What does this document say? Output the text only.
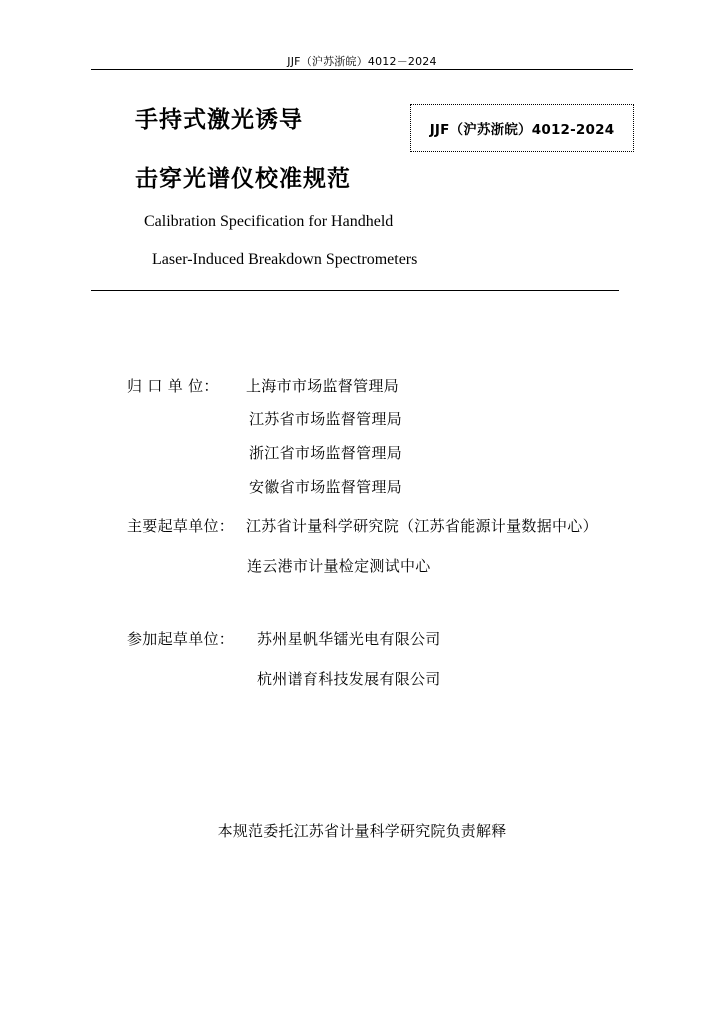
JJF（沪苏浙皖）4012－2024
手持式激光诱导
击穿光谱仪校准规范
JJF（沪苏浙皖）4012-2024
Calibration Specification for Handheld
Laser-Induced Breakdown Spectrometers
归 口 单 位： 上海市市场监督管理局
江苏省市场监督管理局
浙江省市场监督管理局
安徽省市场监督管理局
主要起草单位： 江苏省计量科学研究院（江苏省能源计量数据中心）
连云港市计量检定测试中心
参加起草单位： 苏州星帆华镭光电有限公司
杭州谱育科技发展有限公司
本规范委托江苏省计量科学研究院负责解释
